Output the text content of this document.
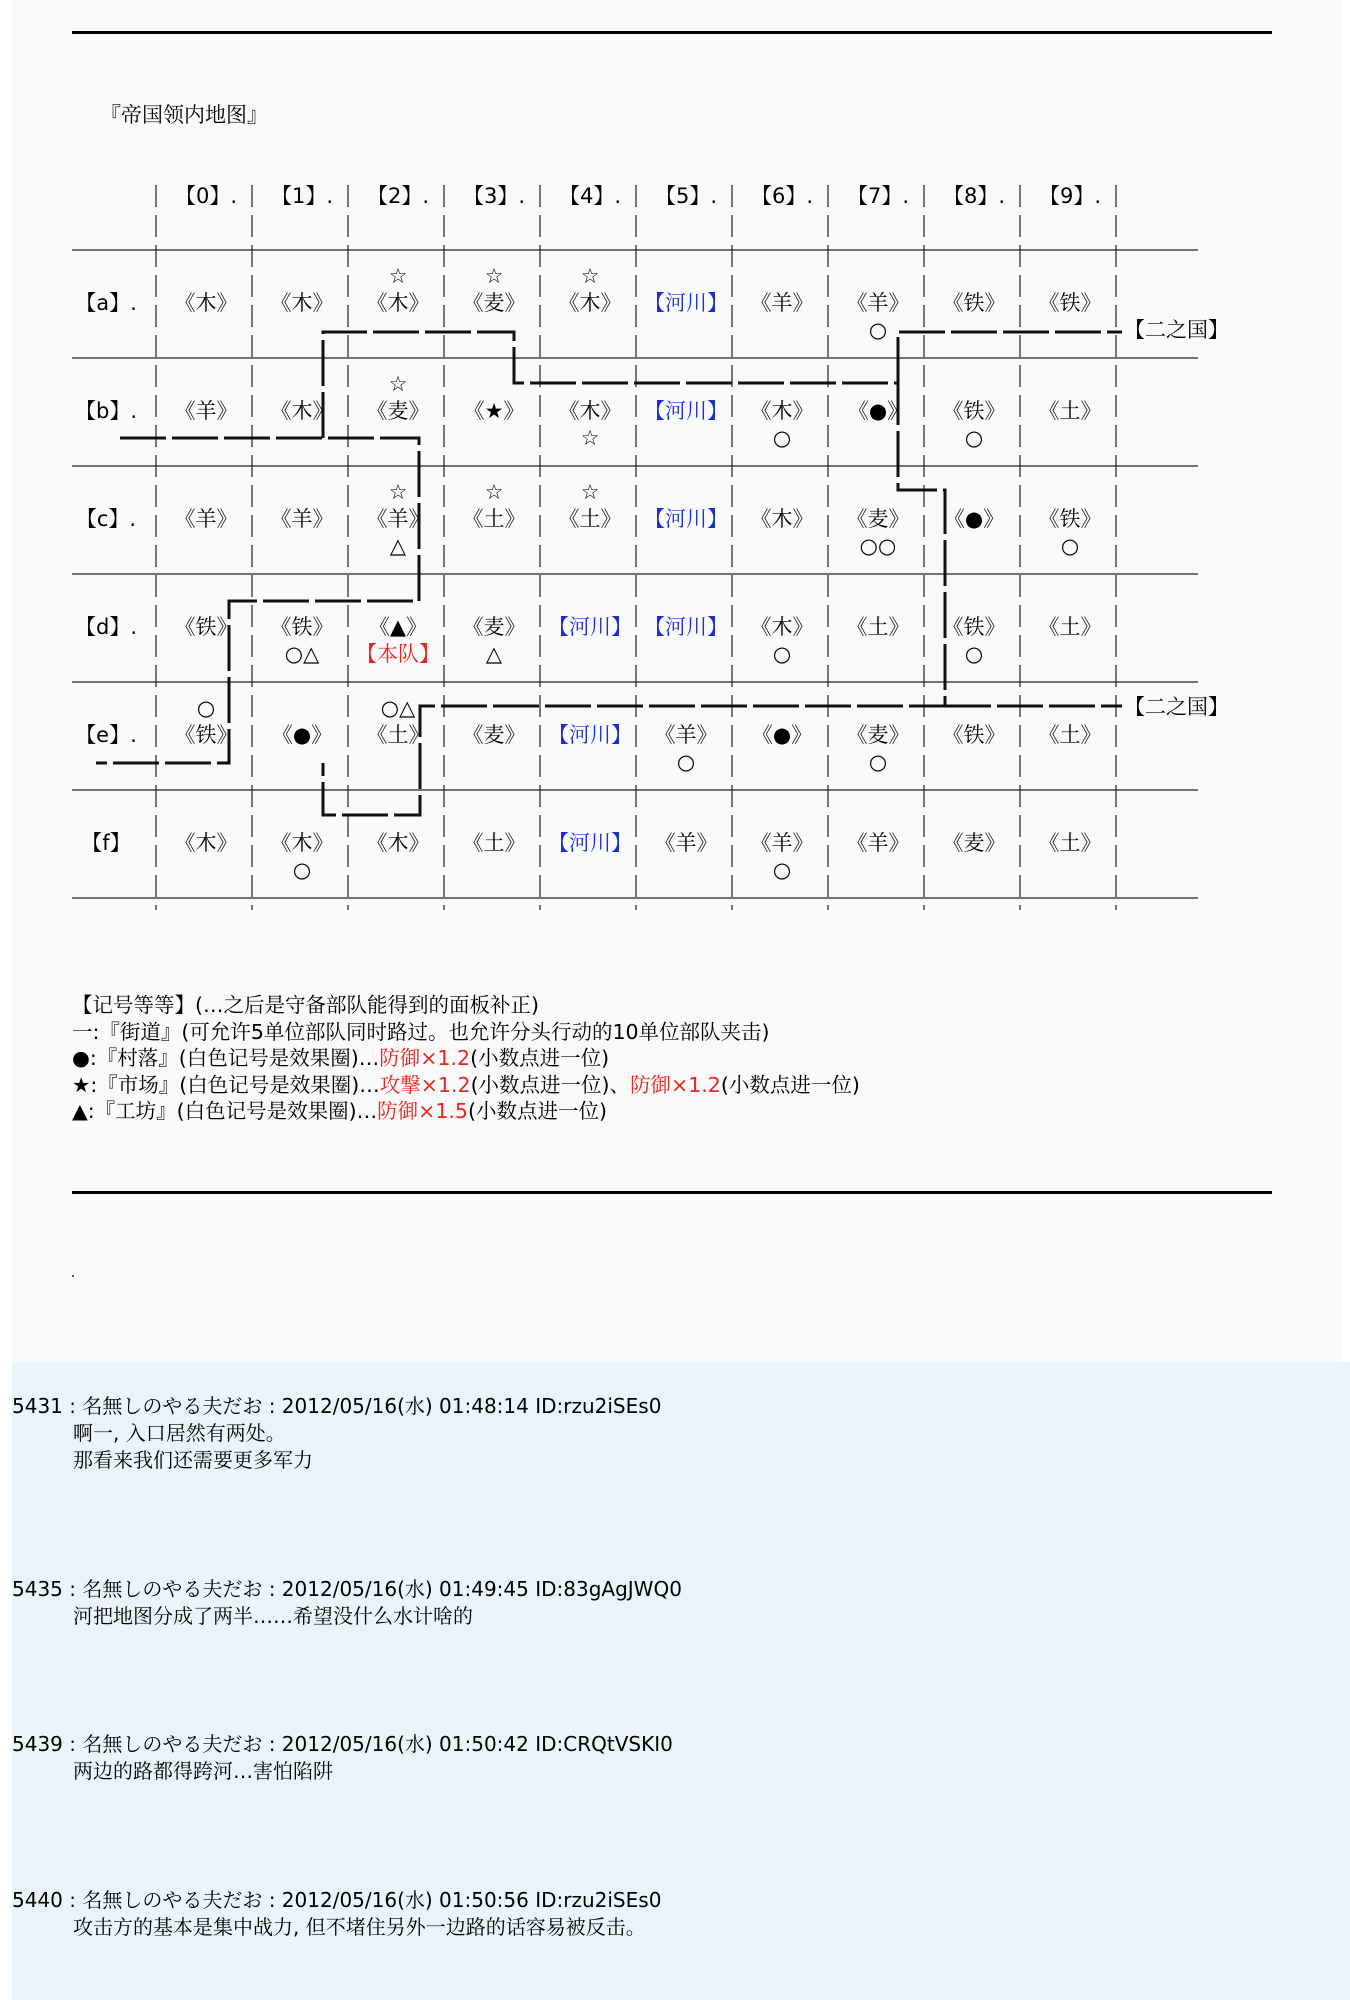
『帝国领内地图』
【0】. 【1】. 【2】. 【3】. 【4】. 【5】. 【6】. 【7】. 【8】. 【9】.
【a】.
【b】.
【c】.
【d】.
【e】.
【f】
《木》 《木》 《木》
☆
《麦》
☆
《木》
☆
【河川】 《羊》 《羊》
○
《铁》 《铁》
《羊》 《木》 《麦》
☆
《★》 《木》
☆
【河川】 《木》
○
《●》 《铁》
○
《土》
《羊》 《羊》 《羊》
☆
△
《土》
☆
《土》
☆
【河川】 《木》 《麦》
○○
《●》 《铁》
○
《铁》 《铁》
○△
《▲》
【本队】
《麦》
△
【河川】 【河川】 《木》
○
《土》 《铁》
○
《土》
《铁》
○
《●》 《土》
○△
《麦》 【河川】 《羊》
○
《●》 《麦》
○
《铁》 《土》
《木》 《木》
○
《木》 《土》 【河川】 《羊》 《羊》
○
《羊》 《麦》 《土》
【二之国】
【二之国】
【记号等等】(…之后是守备部队能得到的面板补正)
一:『街道』(可允许5单位部队同时路过。也允许分头行动的10单位部队夹击)
●:『村落』(白色记号是效果圈)…防御×1.2(小数点进一位)
★:『市场』(白色记号是效果圈)…攻撃×1.2(小数点进一位)、防御×1.2(小数点进一位)
▲:『工坊』(白色记号是效果圈)…防御×1.5(小数点进一位)
5431 : 名無しのやる夫だお : 2012/05/16(水) 01:48:14 ID:rzu2iSEs0
啊一, 入口居然有两处。
那看来我们还需要更多军力
5435 : 名無しのやる夫だお : 2012/05/16(水) 01:49:45 ID:83gAgJWQ0
河把地图分成了两半……希望没什么水计啥的
5439 : 名無しのやる夫だお : 2012/05/16(水) 01:50:42 ID:CRQtVSKI0
两边的路都得跨河…害怕陷阱
5440 : 名無しのやる夫だお : 2012/05/16(水) 01:50:56 ID:rzu2iSEs0
攻击方的基本是集中战力, 但不堵住另外一边路的话容易被反击。
